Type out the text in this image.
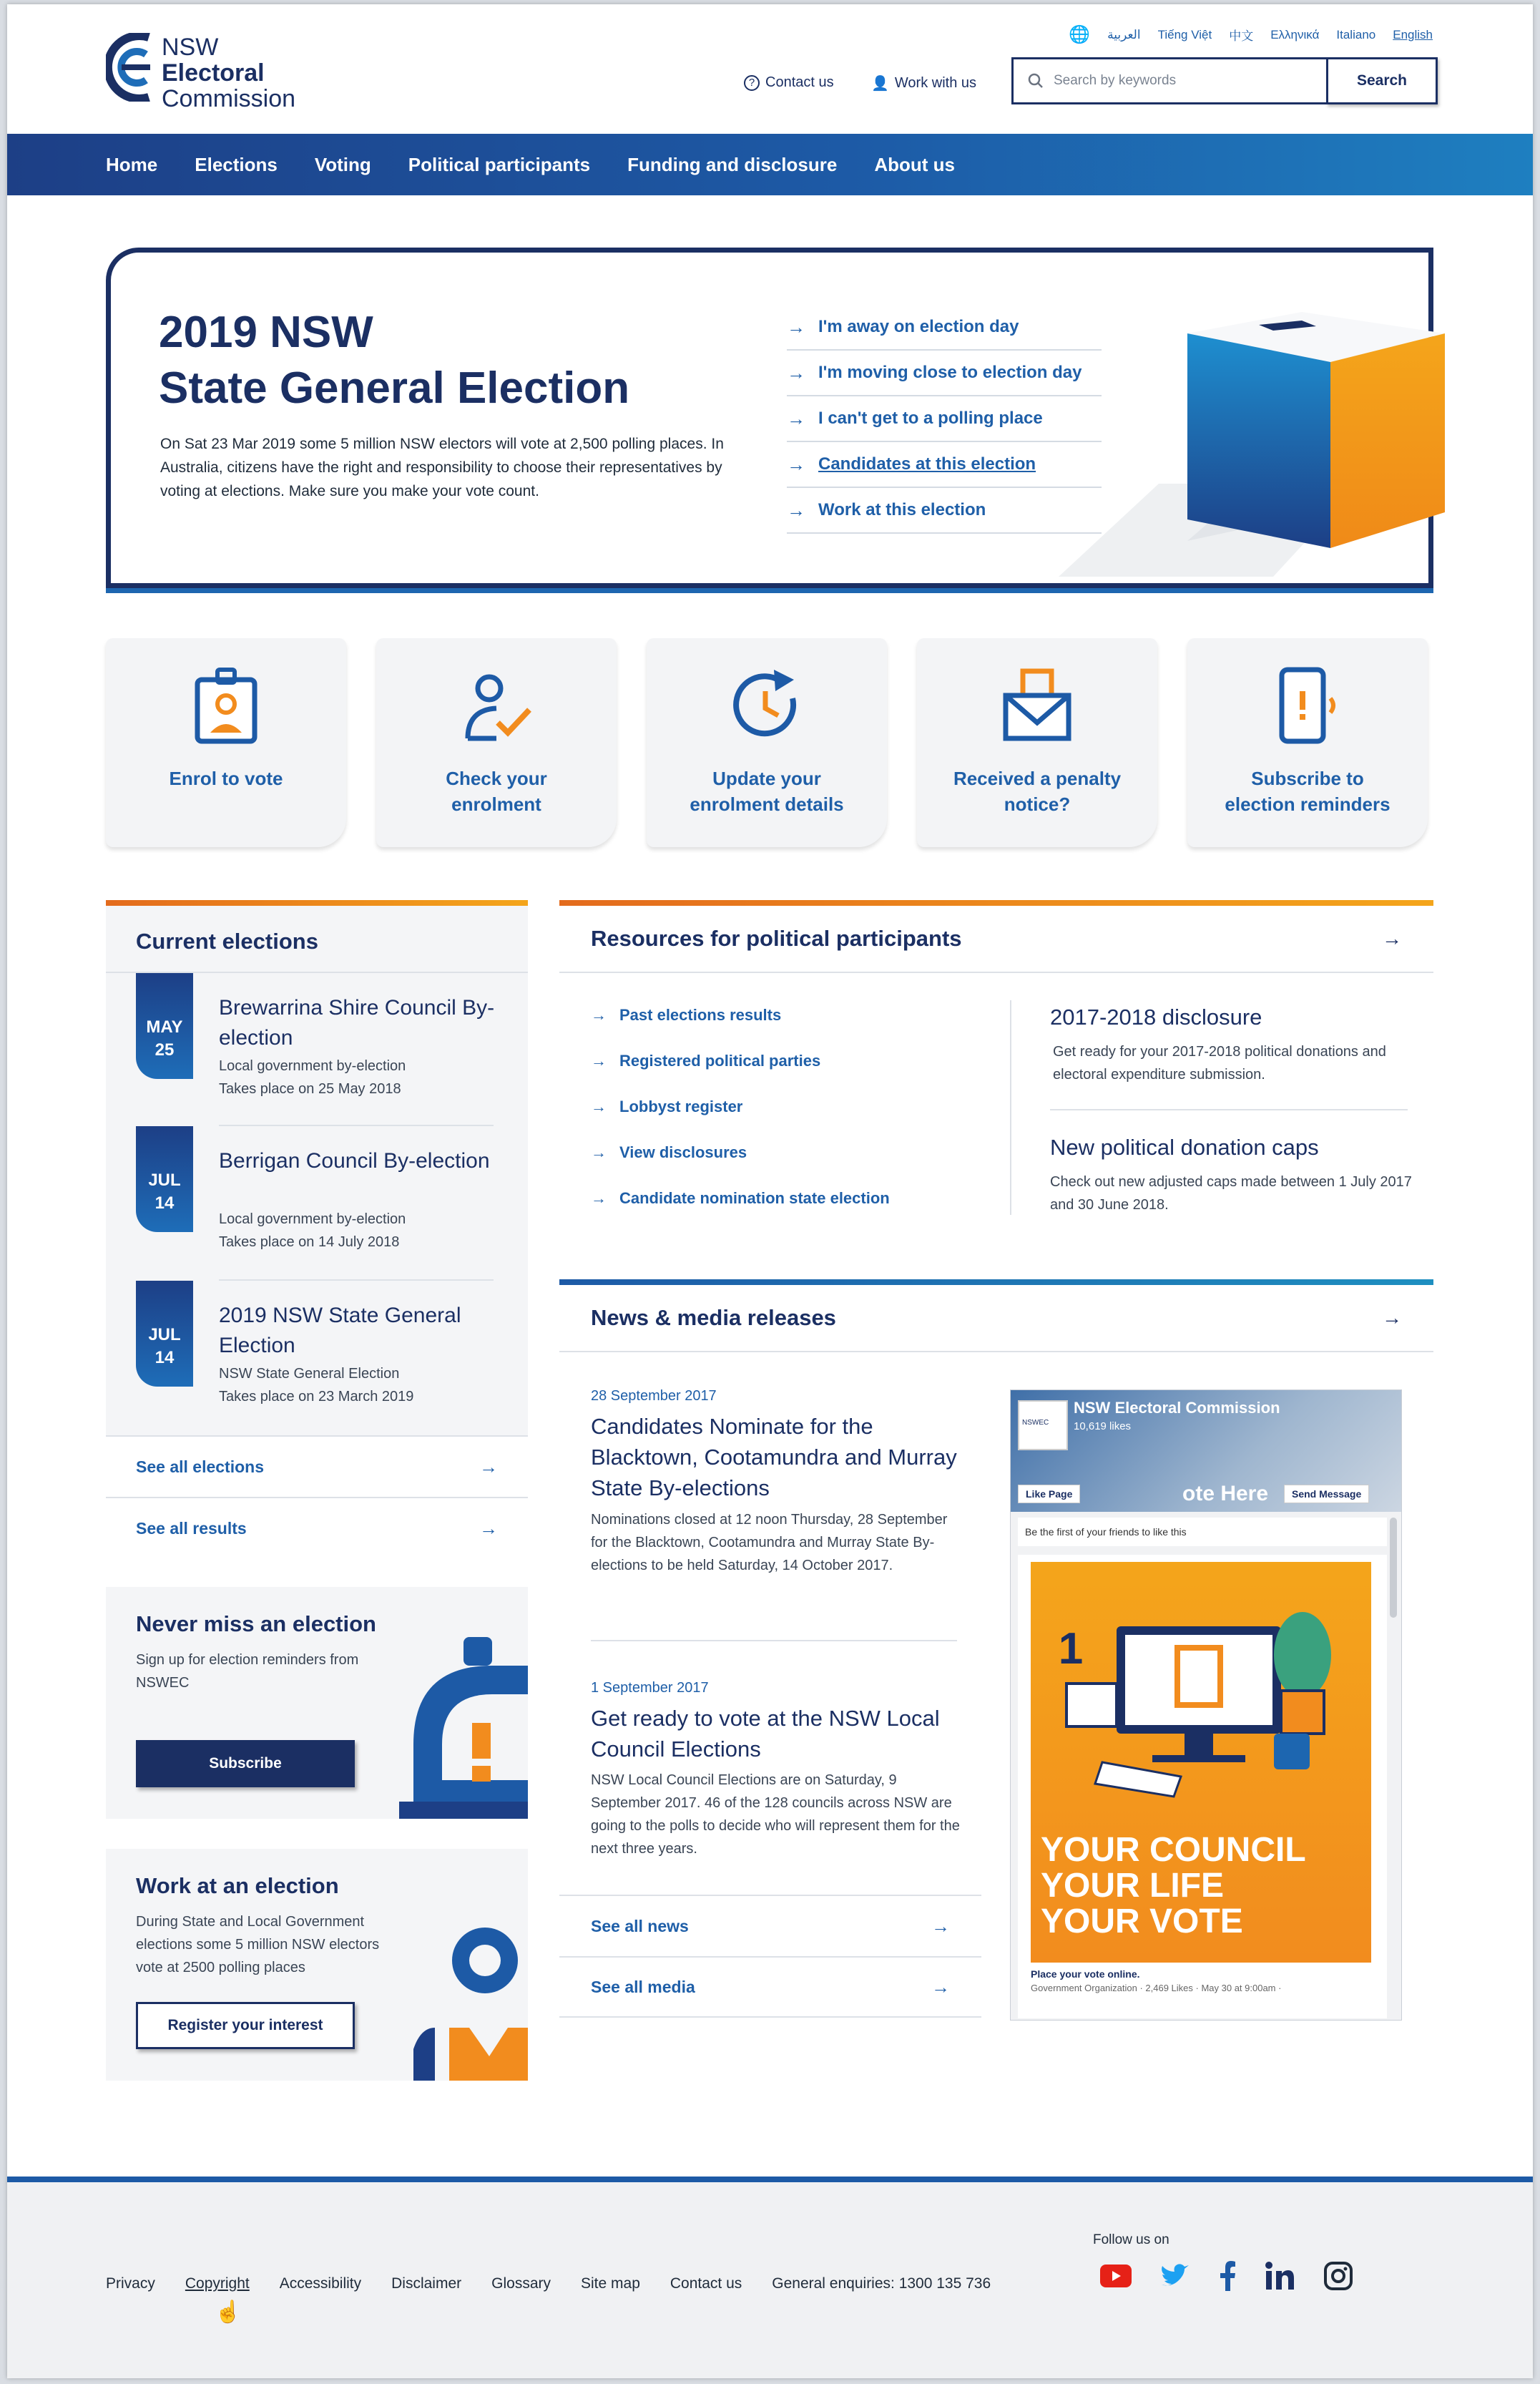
NSW
Electoral
Commission
🌐 العربية Tiếng Việt 中文 Ελληνικά Italiano English
? Contact us	👤 Work with us	Search by keywords	Search
Home Elections Voting Political participants Funding and disclosure About us
2019 NSW
State General Election
On Sat 23 Mar 2019 some 5 million NSW electors will vote at 2,500 polling places. In Australia, citizens have the right and responsibility to choose their representatives by voting at elections. Make sure you make your vote count.
→ I'm away on election day
→ I'm moving close to election day
→ I can't get to a polling place
→ Candidates at this election
→ Work at this election
Enrol to vote	Check your
enrolment
Update your
enrolment details
Received a penalty
notice?
Subscribe to
election reminders
Current elections
MAY
25
Brewarrina Shire Council By-election
Local government by-election
Takes place on 25 May 2018
JUL
14
Berrigan Council By-election
Local government by-election
Takes place on 14 July 2018
JUL
14
2019 NSW State General Election
NSW State General Election
Takes place on 23 March 2019
See all elections	→
See all results	→
Never miss an election
Sign up for election reminders from NSWEC
Subscribe
Work at an election
During State and Local Government elections some 5 million NSW electors vote at 2500 polling places
Register your interest
Resources for political participants	→
→ Past elections results
→ Registered political parties
→ Lobbyst register
→ View disclosures
→ Candidate nomination state election
2017-2018 disclosure
Get ready for your 2017-2018 political donations and electoral expenditure submission.
New political donation caps
Check out new adjusted caps made between 1 July 2017 and 30 June 2018.
News & media releases	→
28 September 2017
Candidates Nominate for the Blacktown, Cootamundra and Murray State By-elections
Nominations closed at 12 noon Thursday, 28 September for the Blacktown, Cootamundra and Murray State By-elections to be held Saturday, 14 October 2017.
1 September 2017
Get ready to vote at the NSW Local Council Elections
NSW Local Council Elections are on Saturday, 9 September 2017. 46 of the 128 councils across NSW are going to the polls to decide who will represent them for the next three years.
See all news	→
See all media	→
NSWEC
NSW Electoral Commission
10,619 likes
ote Here
Like Page	Send Message
Be the first of your friends to like this
1
YOUR COUNCIL
YOUR LIFE
YOUR VOTE
Place your vote online.
Government Organization · 2,469 Likes · May 30 at 9:00am ·
Privacy Copyright Accessibility Disclaimer Glossary Site map Contact us General enquiries: 1300 135 736
☝
Follow us on
